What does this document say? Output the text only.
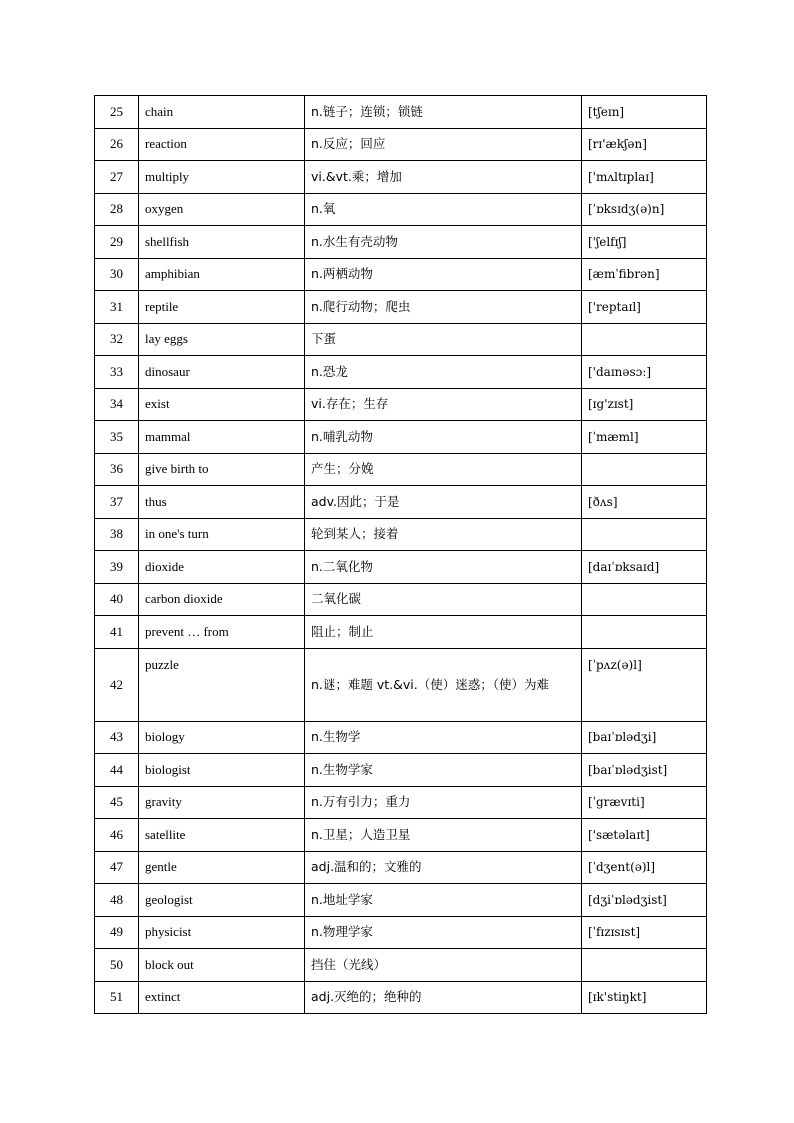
25	chain	n.链子；连锁；锁链	[tʃeɪn]
26	reaction	n.反应；回应	[rɪ'ækʃən]
27	multiply	vi.&vt.乘；增加	['mʌltɪplaɪ]
28	oxygen	n.氧	[ˈɒksɪdʒ(ə)n]
29	shellfish	n.水生有壳动物	['ʃelfɪʃ]
30	amphibian	n.两栖动物	[æmˈfibrən]
31	reptile	n.爬行动物；爬虫	['reptaɪl]
32	lay eggs	下蛋	
33	dinosaur	n.恐龙	['daɪnəsɔː]
34	exist	vi.存在；生存	[ɪg'zɪst]
35	mammal	n.哺乳动物	[ˈmæml]
36	give birth to	产生；分娩	
37	thus	adv.因此；于是	[ðʌs]
38	in one's turn	轮到某人；接着	
39	dioxide	n.二氧化物	[daɪˈɒksaɪd]
40	carbon dioxide	二氧化碳	
41	prevent … from	阻止；制止	
42	puzzle	n.谜；难题 vt.&vi.（使）迷惑；（使）为难	[ˈpʌz(ə)l]
43	biology	n.生物学	[baɪˈɒlədʒi]
44	biologist	n.生物学家	[baɪˈɒlədʒist]
45	gravity	n.万有引力；重力	[ˈgrævɪti]
46	satellite	n.卫星；人造卫星	['sætəlaɪt]
47	gentle	adj.温和的；文雅的	[ˈdʒent(ə)l]
48	geologist	n.地址学家	[dʒiˈɒlədʒist]
49	physicist	n.物理学家	[ˈfɪzɪsɪst]
50	block out	挡住（光线）	
51	extinct	adj.灭绝的；绝种的	[ɪk'stiŋkt]
